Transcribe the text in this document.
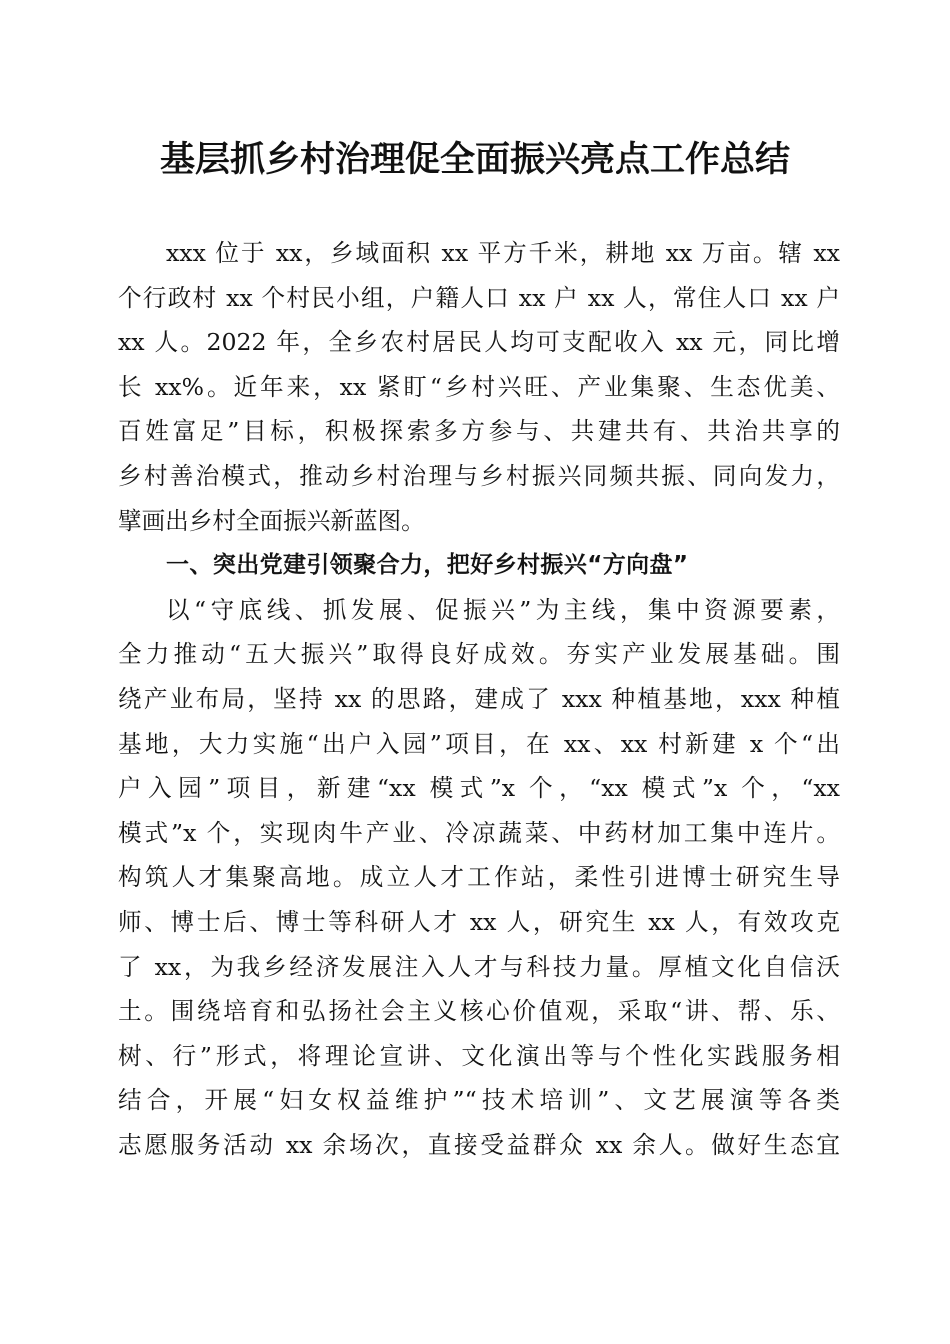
基层抓乡村治理促全面振兴亮点工作总结
xxx 位于 xx，乡域面积 xx 平方千米，耕地 xx 万亩。辖 xx
个行政村 xx 个村民小组，户籍人口 xx 户 xx 人，常住人口 xx 户
xx 人。2022 年，全乡农村居民人均可支配收入 xx 元，同比增
长 xx%。近年来，xx 紧盯“乡村兴旺、产业集聚、生态优美、
百姓富足”目标，积极探索多方参与、共建共有、共治共享的
乡村善治模式，推动乡村治理与乡村振兴同频共振、同向发力，
擘画出乡村全面振兴新蓝图。
一、突出党建引领聚合力，把好乡村振兴“方向盘”
以“守底线、抓发展、促振兴”为主线，集中资源要素，
全力推动“五大振兴”取得良好成效。夯实产业发展基础。围
绕产业布局，坚持 xx 的思路，建成了 xxx 种植基地，xxx 种植
基地，大力实施“出户入园”项目，在 xx、xx 村新建 x 个“出
户入园”项目，新建“xx 模式”x 个，“xx 模式”x 个，“xx
模式”x 个，实现肉牛产业、冷凉蔬菜、中药材加工集中连片。
构筑人才集聚高地。成立人才工作站，柔性引进博士研究生导
师、博士后、博士等科研人才 xx 人，研究生 xx 人，有效攻克
了 xx，为我乡经济发展注入人才与科技力量。厚植文化自信沃
土。围绕培育和弘扬社会主义核心价值观，采取“讲、帮、乐、
树、行”形式，将理论宣讲、文化演出等与个性化实践服务相
结合，开展“妇女权益维护”“技术培训”、文艺展演等各类
志愿服务活动 xx 余场次，直接受益群众 xx 余人。做好生态宜
